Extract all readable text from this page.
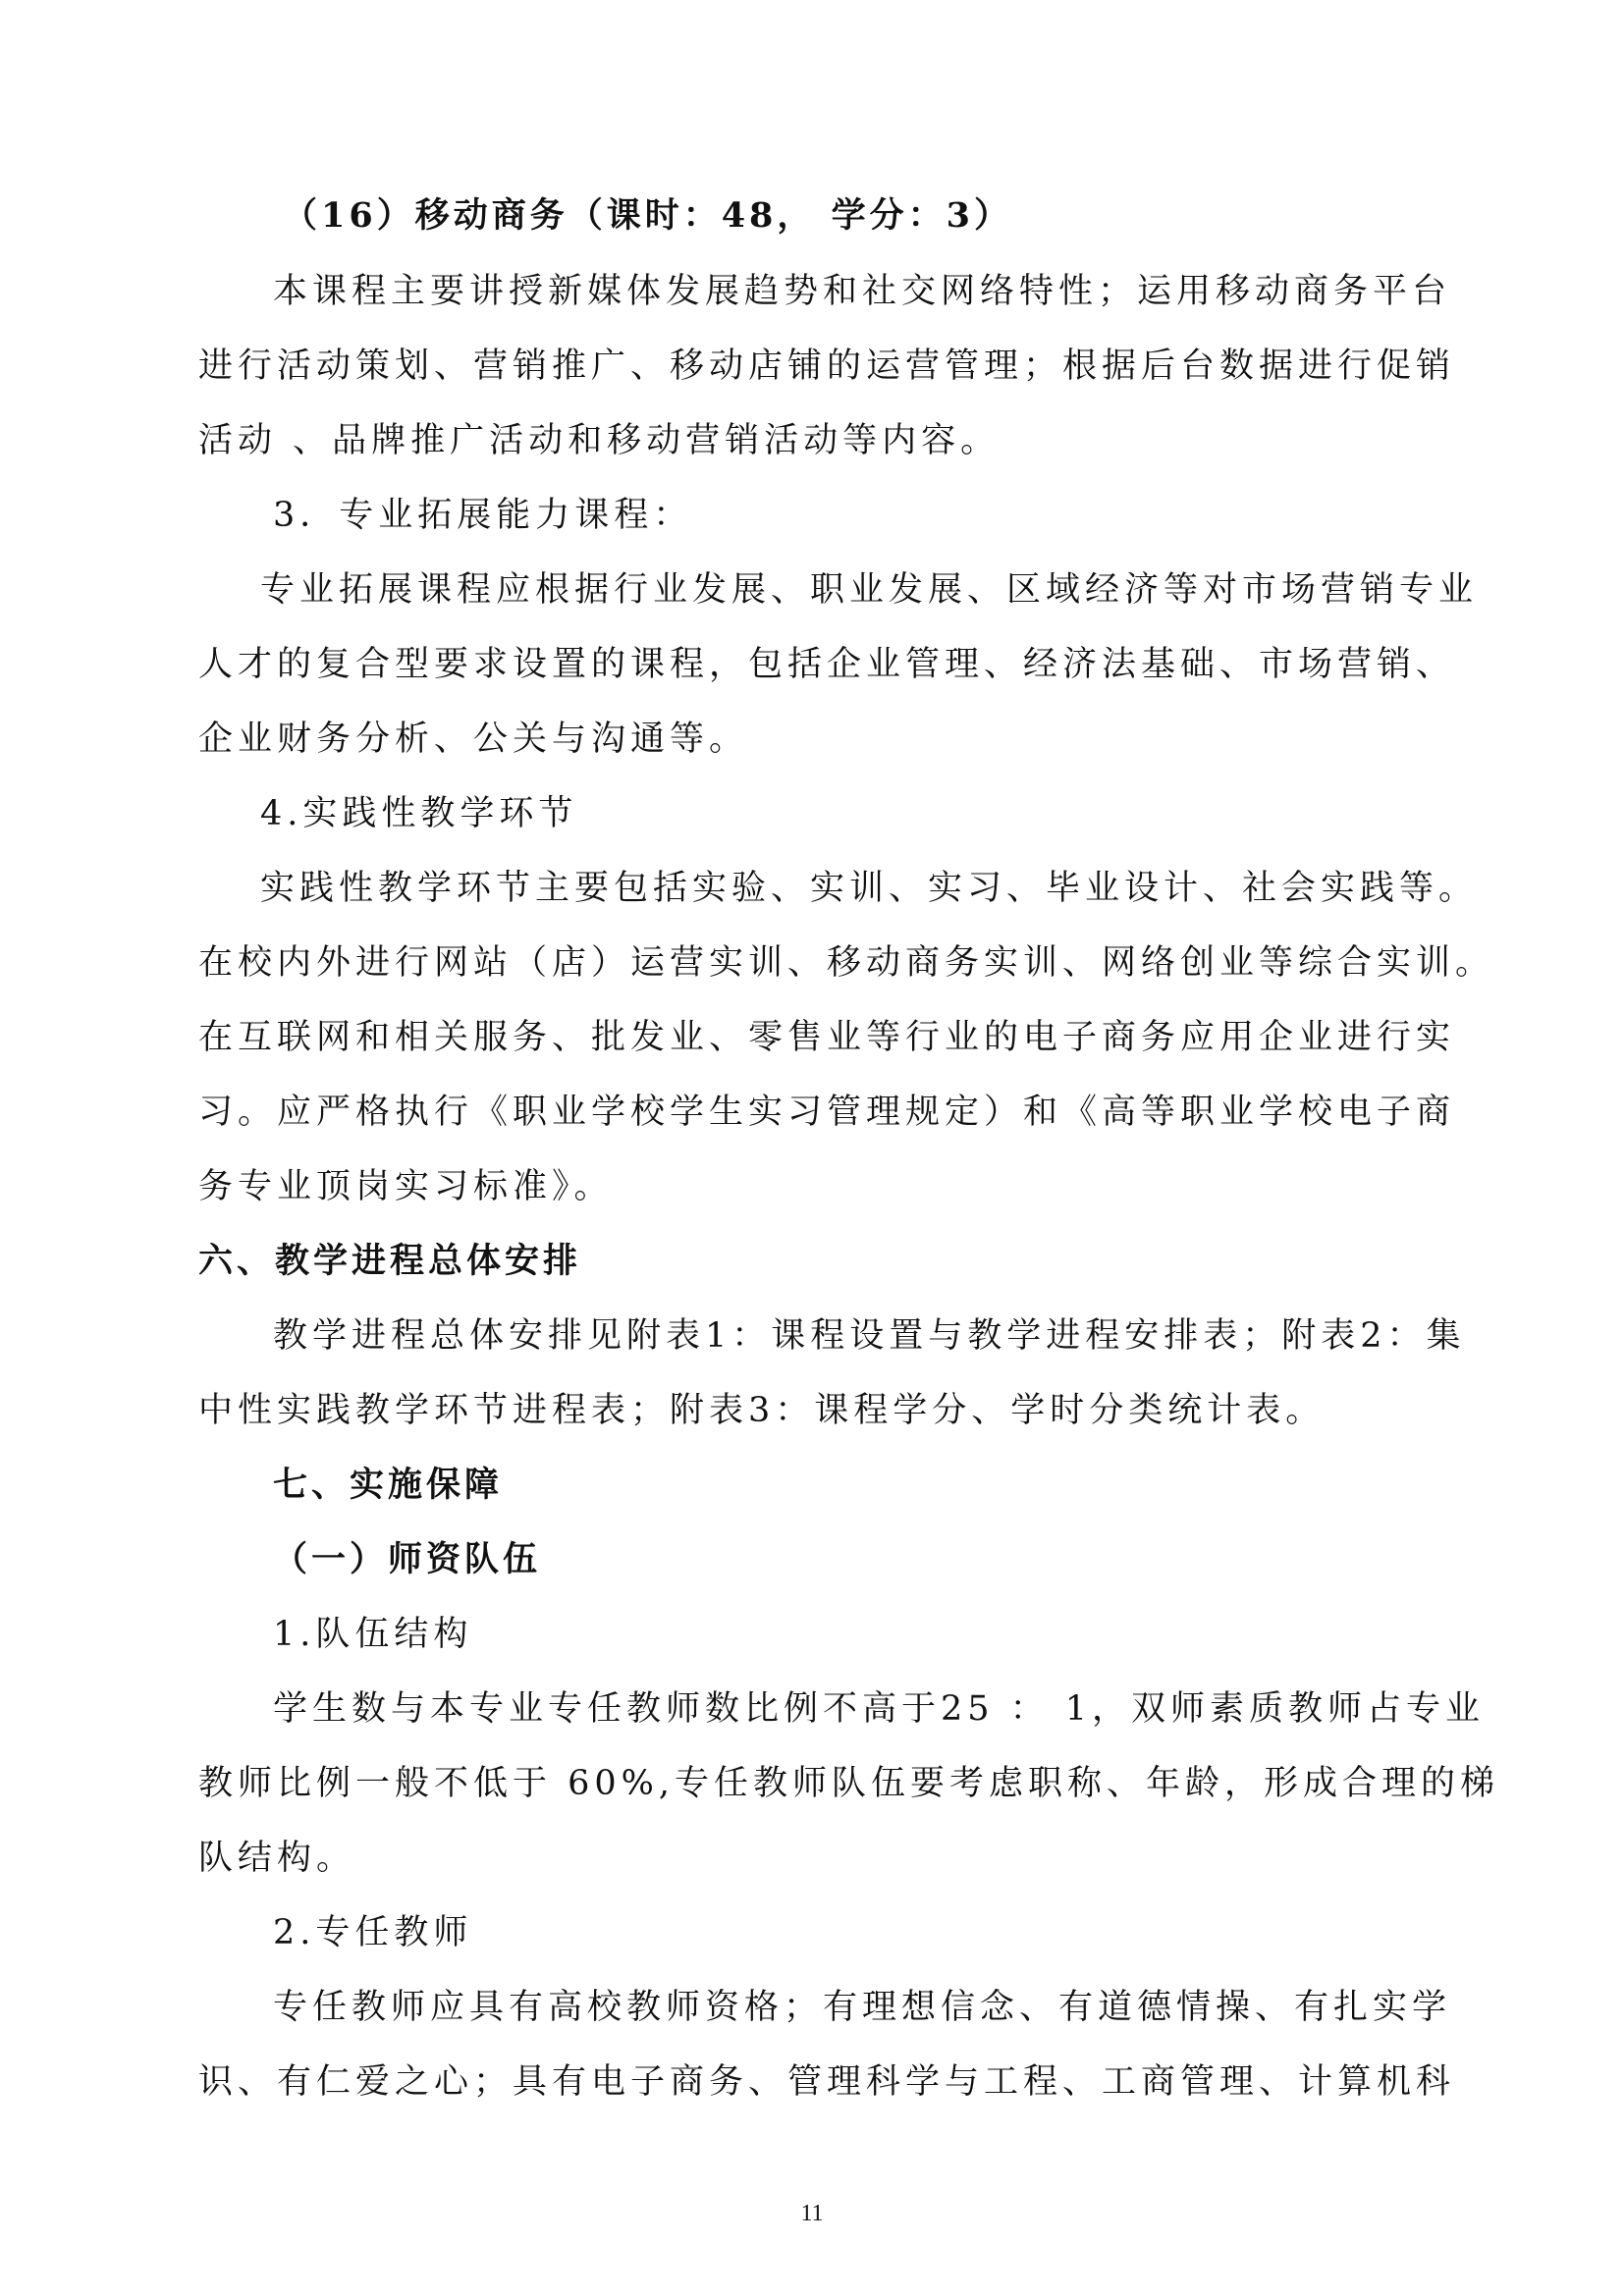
（16）移动商务（课时：48， 学分：3）
本课程主要讲授新媒体发展趋势和社交网络特性；运用移动商务平台
进行活动策划、营销推广、移动店铺的运营管理；根据后台数据进行促销
活动 、品牌推广活动和移动营销活动等内容。
3．专业拓展能力课程：
专业拓展课程应根据行业发展、职业发展、区域经济等对市场营销专业
人才的复合型要求设置的课程，包括企业管理、经济法基础、市场营销、
企业财务分析、公关与沟通等。
4.实践性教学环节
实践性教学环节主要包括实验、实训、实习、毕业设计、社会实践等。
在校内外进行网站（店）运营实训、移动商务实训、网络创业等综合实训。
在互联网和相关服务、批发业、零售业等行业的电子商务应用企业进行实
习。应严格执行《职业学校学生实习管理规定）和《高等职业学校电子商
务专业顶岗实习标准》。
六、教学进程总体安排
教学进程总体安排见附表1：课程设置与教学进程安排表；附表2：集
中性实践教学环节进程表；附表3：课程学分、学时分类统计表。
七、实施保障
（一）师资队伍
1.队伍结构
学生数与本专业专任教师数比例不高于25 ： 1，双师素质教师占专业
教师比例一般不低于 60%,专任教师队伍要考虑职称、年龄，形成合理的梯
队结构。
2.专任教师
专任教师应具有高校教师资格；有理想信念、有道德情操、有扎实学
识、有仁爱之心；具有电子商务、管理科学与工程、工商管理、计算机科
11
